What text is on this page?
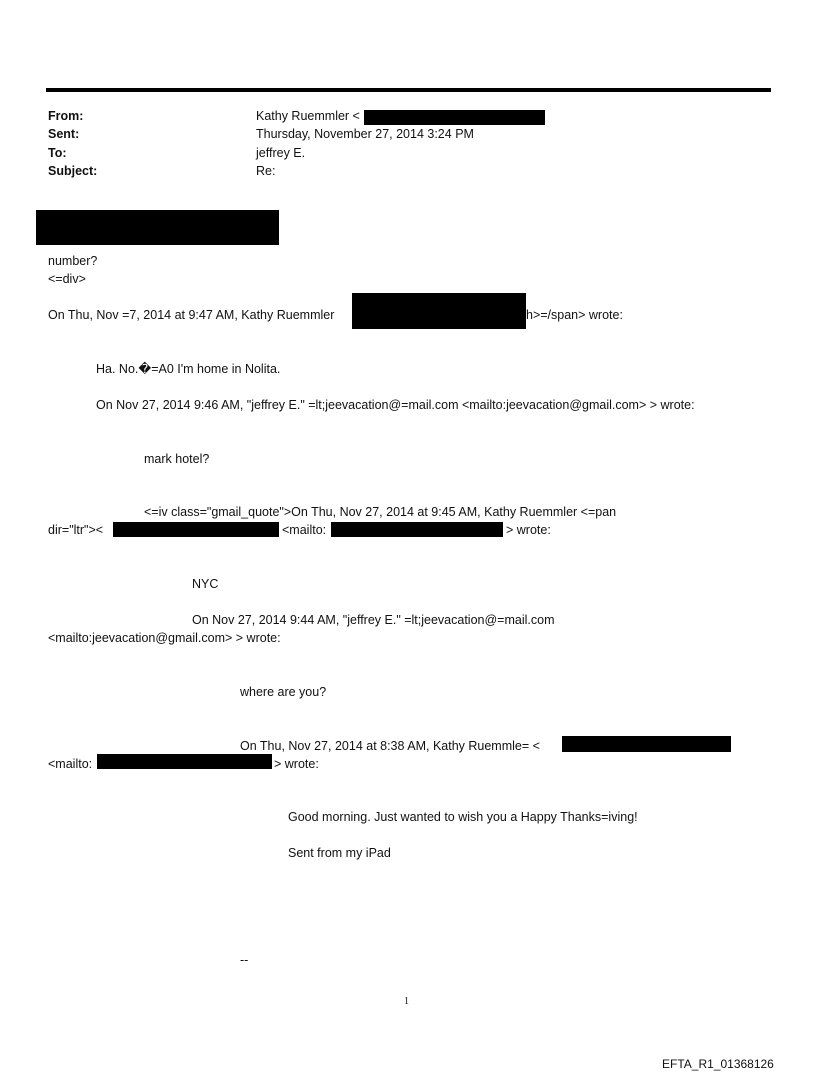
From:	Kathy Ruemmler <
Sent:	Thursday, November 27, 2014 3:24 PM
To:	jeffrey E.
Subject:	Re:
number?
<=div>
On Thu, Nov =7, 2014 at 9:47 AM, Kathy Ruemmler	h>=/span> wrote:
Ha. No.�=A0 I'm home in Nolita.
On Nov 27, 2014 9:46 AM, "jeffrey E." =lt;jeevacation@=mail.com <mailto:jeevacation@gmail.com> > wrote:
mark hotel?
<=iv class="gmail_quote">On Thu, Nov 27, 2014 at 9:45 AM, Kathy Ruemmler <=pan
dir="ltr"><	<mailto:	> wrote:
NYC
On Nov 27, 2014 9:44 AM, "jeffrey E." =lt;jeevacation@=mail.com
<mailto:jeevacation@gmail.com> > wrote:
where are you?
On Thu, Nov 27, 2014 at 8:38 AM, Kathy Ruemmle= <
<mailto:	> wrote:
Good morning. Just wanted to wish you a Happy Thanks=iving!
Sent from my iPad
--
1
EFTA_R1_01368126
